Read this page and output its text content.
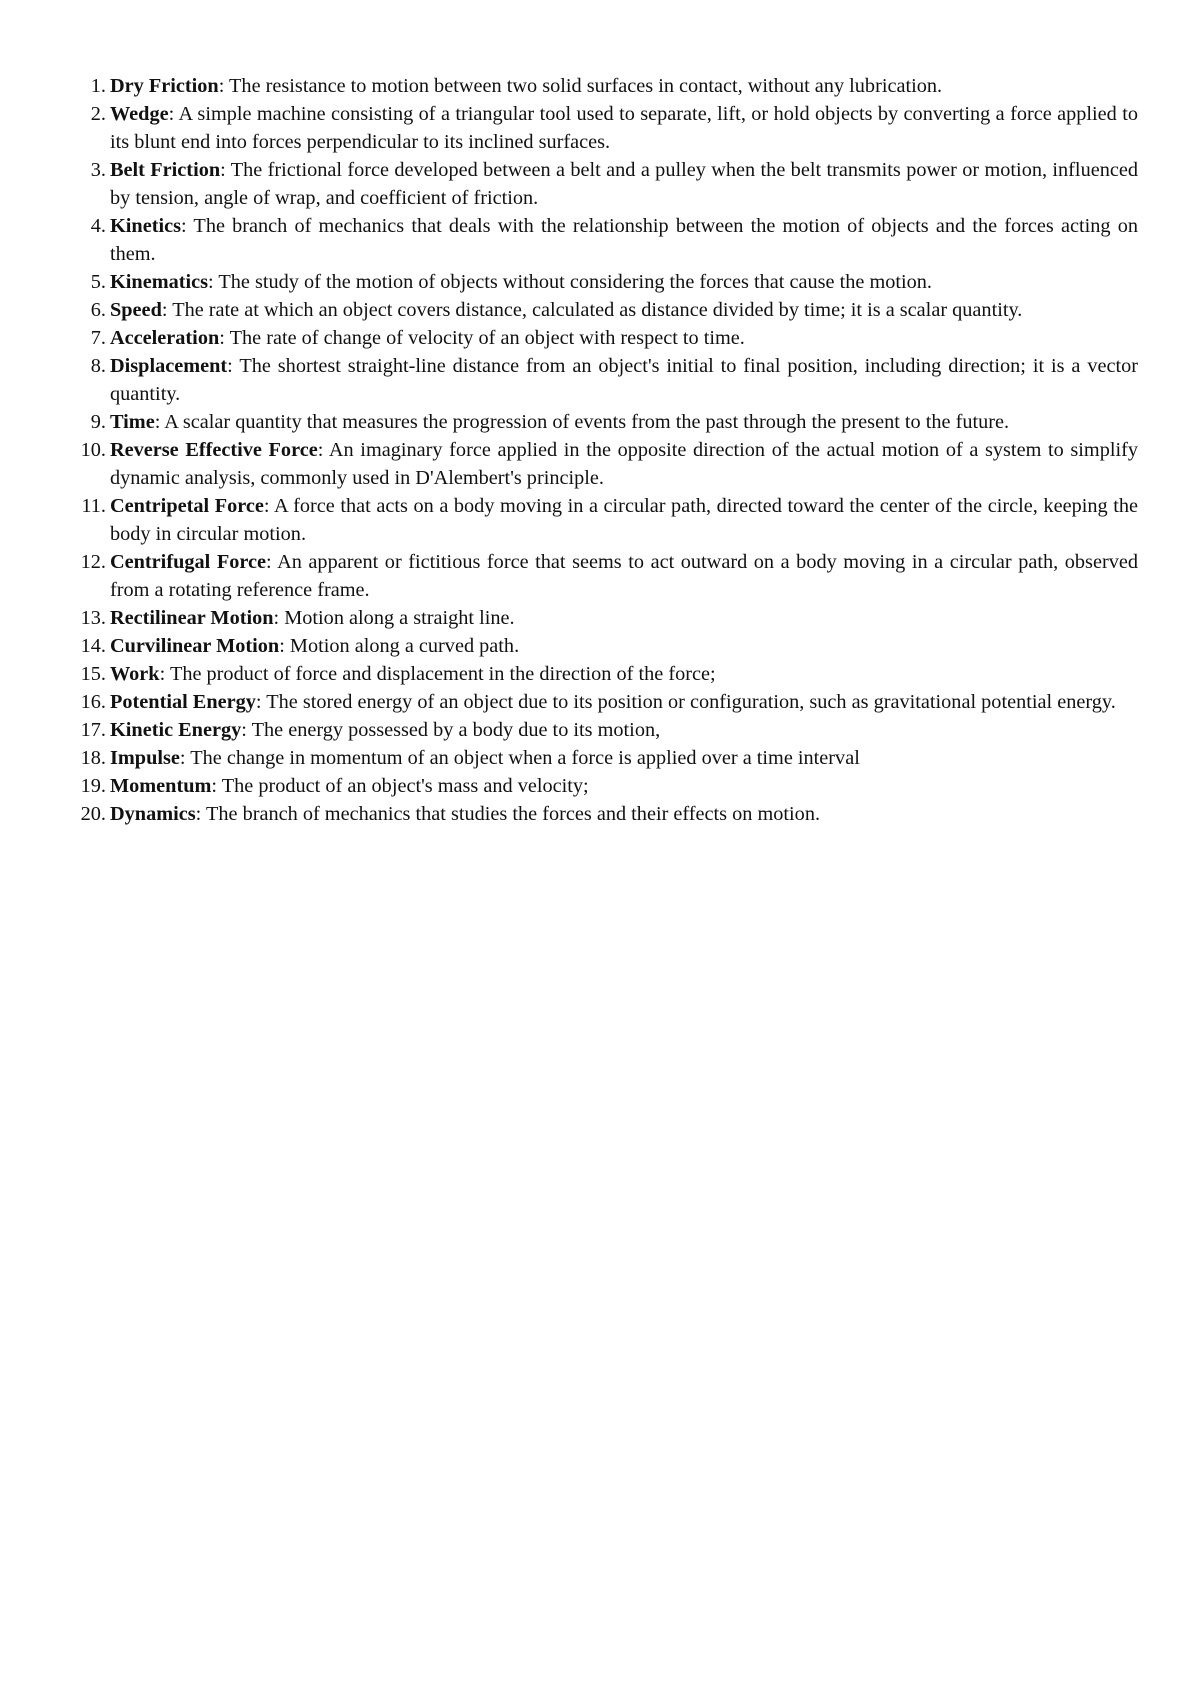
1. Dry Friction: The resistance to motion between two solid surfaces in contact, without any lubrication.
2. Wedge: A simple machine consisting of a triangular tool used to separate, lift, or hold objects by converting a force applied to its blunt end into forces perpendicular to its inclined surfaces.
3. Belt Friction: The frictional force developed between a belt and a pulley when the belt transmits power or motion, influenced by tension, angle of wrap, and coefficient of friction.
4. Kinetics: The branch of mechanics that deals with the relationship between the motion of objects and the forces acting on them.
5. Kinematics: The study of the motion of objects without considering the forces that cause the motion.
6. Speed: The rate at which an object covers distance, calculated as distance divided by time; it is a scalar quantity.
7. Acceleration: The rate of change of velocity of an object with respect to time.
8. Displacement: The shortest straight-line distance from an object's initial to final position, including direction; it is a vector quantity.
9. Time: A scalar quantity that measures the progression of events from the past through the present to the future.
10. Reverse Effective Force: An imaginary force applied in the opposite direction of the actual motion of a system to simplify dynamic analysis, commonly used in D'Alembert's principle.
11. Centripetal Force: A force that acts on a body moving in a circular path, directed toward the center of the circle, keeping the body in circular motion.
12. Centrifugal Force: An apparent or fictitious force that seems to act outward on a body moving in a circular path, observed from a rotating reference frame.
13. Rectilinear Motion: Motion along a straight line.
14. Curvilinear Motion: Motion along a curved path.
15. Work: The product of force and displacement in the direction of the force;
16. Potential Energy: The stored energy of an object due to its position or configuration, such as gravitational potential energy.
17. Kinetic Energy: The energy possessed by a body due to its motion,
18. Impulse: The change in momentum of an object when a force is applied over a time interval
19. Momentum: The product of an object's mass and velocity;
20. Dynamics: The branch of mechanics that studies the forces and their effects on motion.
